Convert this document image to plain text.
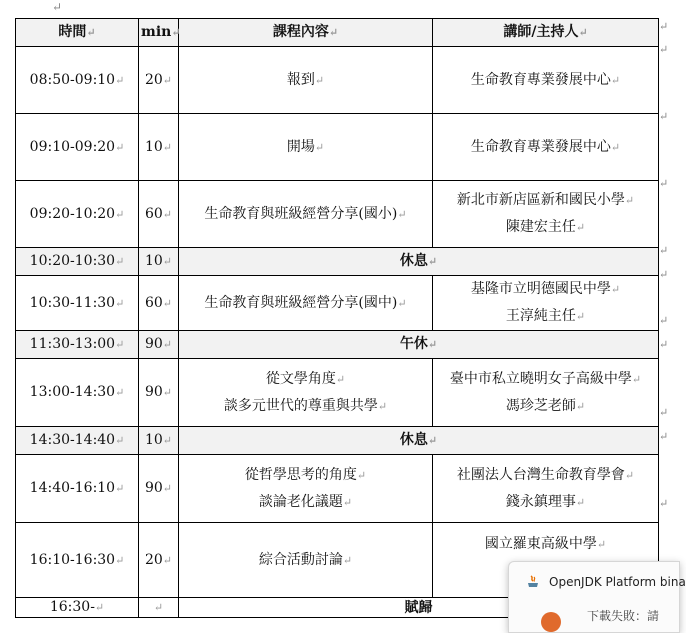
↵
時間↵	min↵	課程內容↵	講師/主持人↵
08:50-09:10↵	20↵	報到↵	生命教育專業發展中心↵
09:10-09:20↵	10↵	開場↵	生命教育專業發展中心↵
09:20-10:20↵	60↵	生命教育與班級經營分享(國小)↵	新北市新店區新和國民小學↵
陳建宏主任↵

10:20-10:30↵	10↵	休息↵	
10:30-11:30↵	60↵	生命教育與班級經營分享(國中)↵	基隆市立明德國民中學↵
王淳純主任↵

11:30-13:00↵	90↵	午休↵	
13:00-14:30↵	90↵	從文學角度↵
談多元世代的尊重與共學↵	臺中市私立曉明女子高級中學↵
馮珍芝老師↵

14:30-14:40↵	10↵	休息↵	
14:40-16:10↵	90↵	從哲學思考的角度↵
談論老化議題↵	社團法人台灣生命教育學會↵
錢永鎮理事↵

16:10-16:30↵	20↵	綜合活動討論↵	國立羅東高級中學↵

16:30-↵	↵	賦歸	
↵
↵
↵
↵
↵
↵
↵
↵
↵
↵
↵
OpenJDK Platform bina
下載失敗：請
